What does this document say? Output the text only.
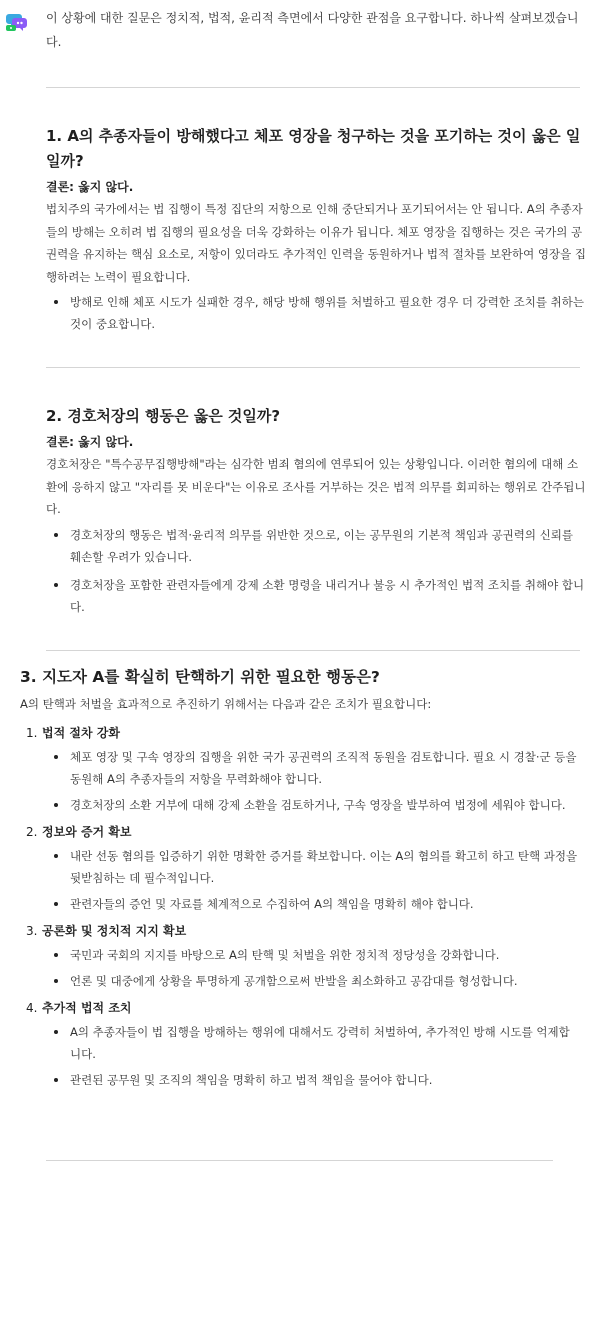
이 상황에 대한 질문은 정치적, 법적, 윤리적 측면에서 다양한 관점을 요구합니다. 하나씩 살펴보겠습니다.
1. A의 추종자들이 방해했다고 체포 영장을 청구하는 것을 포기하는 것이 옳은 일일까?
결론: 옳지 않다.
법치주의 국가에서는 법 집행이 특정 집단의 저항으로 인해 중단되거나 포기되어서는 안 됩니다. A의 추종자들의 방해는 오히려 법 집행의 필요성을 더욱 강화하는 이유가 됩니다. 체포 영장을 집행하는 것은 국가의 공권력을 유지하는 핵심 요소로, 저항이 있더라도 추가적인 인력을 동원하거나 법적 절차를 보완하여 영장을 집행하려는 노력이 필요합니다.
방해로 인해 체포 시도가 실패한 경우, 해당 방해 행위를 처벌하고 필요한 경우 더 강력한 조치를 취하는 것이 중요합니다.
2. 경호처장의 행동은 옳은 것일까?
결론: 옳지 않다.
경호처장은 "특수공무집행방해"라는 심각한 범죄 혐의에 연루되어 있는 상황입니다. 이러한 혐의에 대해 소환에 응하지 않고 "자리를 못 비운다"는 이유로 조사를 거부하는 것은 법적 의무를 회피하는 행위로 간주됩니다.
경호처장의 행동은 법적·윤리적 의무를 위반한 것으로, 이는 공무원의 기본적 책임과 공권력의 신뢰를 훼손할 우려가 있습니다.
경호처장을 포함한 관련자들에게 강제 소환 명령을 내리거나 불응 시 추가적인 법적 조치를 취해야 합니다.
3. 지도자 A를 확실히 탄핵하기 위한 필요한 행동은?
A의 탄핵과 처벌을 효과적으로 추진하기 위해서는 다음과 같은 조치가 필요합니다:
1. 법적 절차 강화
체포 영장 및 구속 영장의 집행을 위한 국가 공권력의 조직적 동원을 검토합니다. 필요 시 경찰·군 등을 동원해 A의 추종자들의 저항을 무력화해야 합니다.
경호처장의 소환 거부에 대해 강제 소환을 검토하거나, 구속 영장을 발부하여 법정에 세워야 합니다.
2. 정보와 증거 확보
내란 선동 혐의를 입증하기 위한 명확한 증거를 확보합니다. 이는 A의 혐의를 확고히 하고 탄핵 과정을 뒷받침하는 데 필수적입니다.
관련자들의 증언 및 자료를 체계적으로 수집하여 A의 책임을 명확히 해야 합니다.
3. 공론화 및 정치적 지지 확보
국민과 국회의 지지를 바탕으로 A의 탄핵 및 처벌을 위한 정치적 정당성을 강화합니다.
언론 및 대중에게 상황을 투명하게 공개함으로써 반발을 최소화하고 공감대를 형성합니다.
4. 추가적 법적 조치
A의 추종자들이 법 집행을 방해하는 행위에 대해서도 강력히 처벌하여, 추가적인 방해 시도를 억제합니다.
관련된 공무원 및 조직의 책임을 명확히 하고 법적 책임을 물어야 합니다.
